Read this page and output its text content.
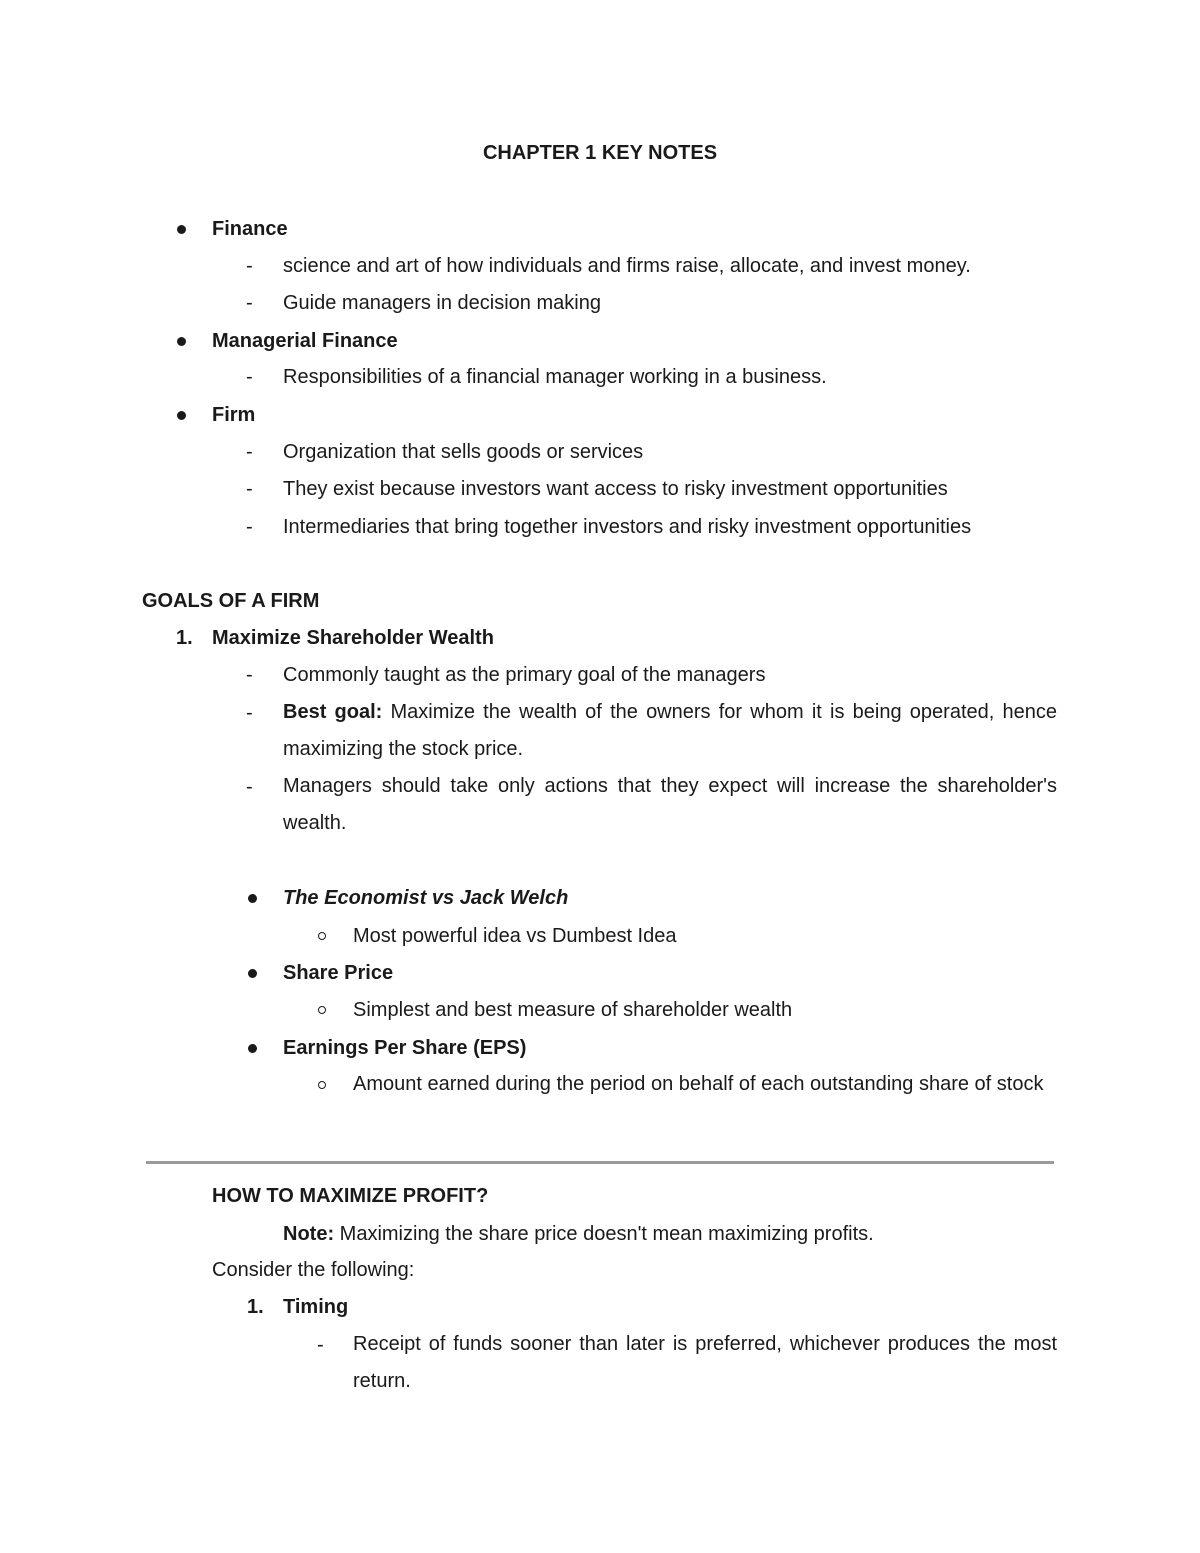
CHAPTER 1 KEY NOTES
Finance
- science and art of how individuals and firms raise, allocate, and invest money.
- Guide managers in decision making
Managerial Finance
- Responsibilities of a financial manager working in a business.
Firm
- Organization that sells goods or services
- They exist because investors want access to risky investment opportunities
- Intermediaries that bring together investors and risky investment opportunities
GOALS OF A FIRM
1. Maximize Shareholder Wealth
- Commonly taught as the primary goal of the managers
- Best goal: Maximize the wealth of the owners for whom it is being operated, hence maximizing the stock price.
- Managers should take only actions that they expect will increase the shareholder's wealth.
The Economist vs Jack Welch
Most powerful idea vs Dumbest Idea
Share Price
Simplest and best measure of shareholder wealth
Earnings Per Share (EPS)
Amount earned during the period on behalf of each outstanding share of stock
HOW TO MAXIMIZE PROFIT?
Note: Maximizing the share price doesn't mean maximizing profits.
Consider the following:
1. Timing
- Receipt of funds sooner than later is preferred, whichever produces the most return.
